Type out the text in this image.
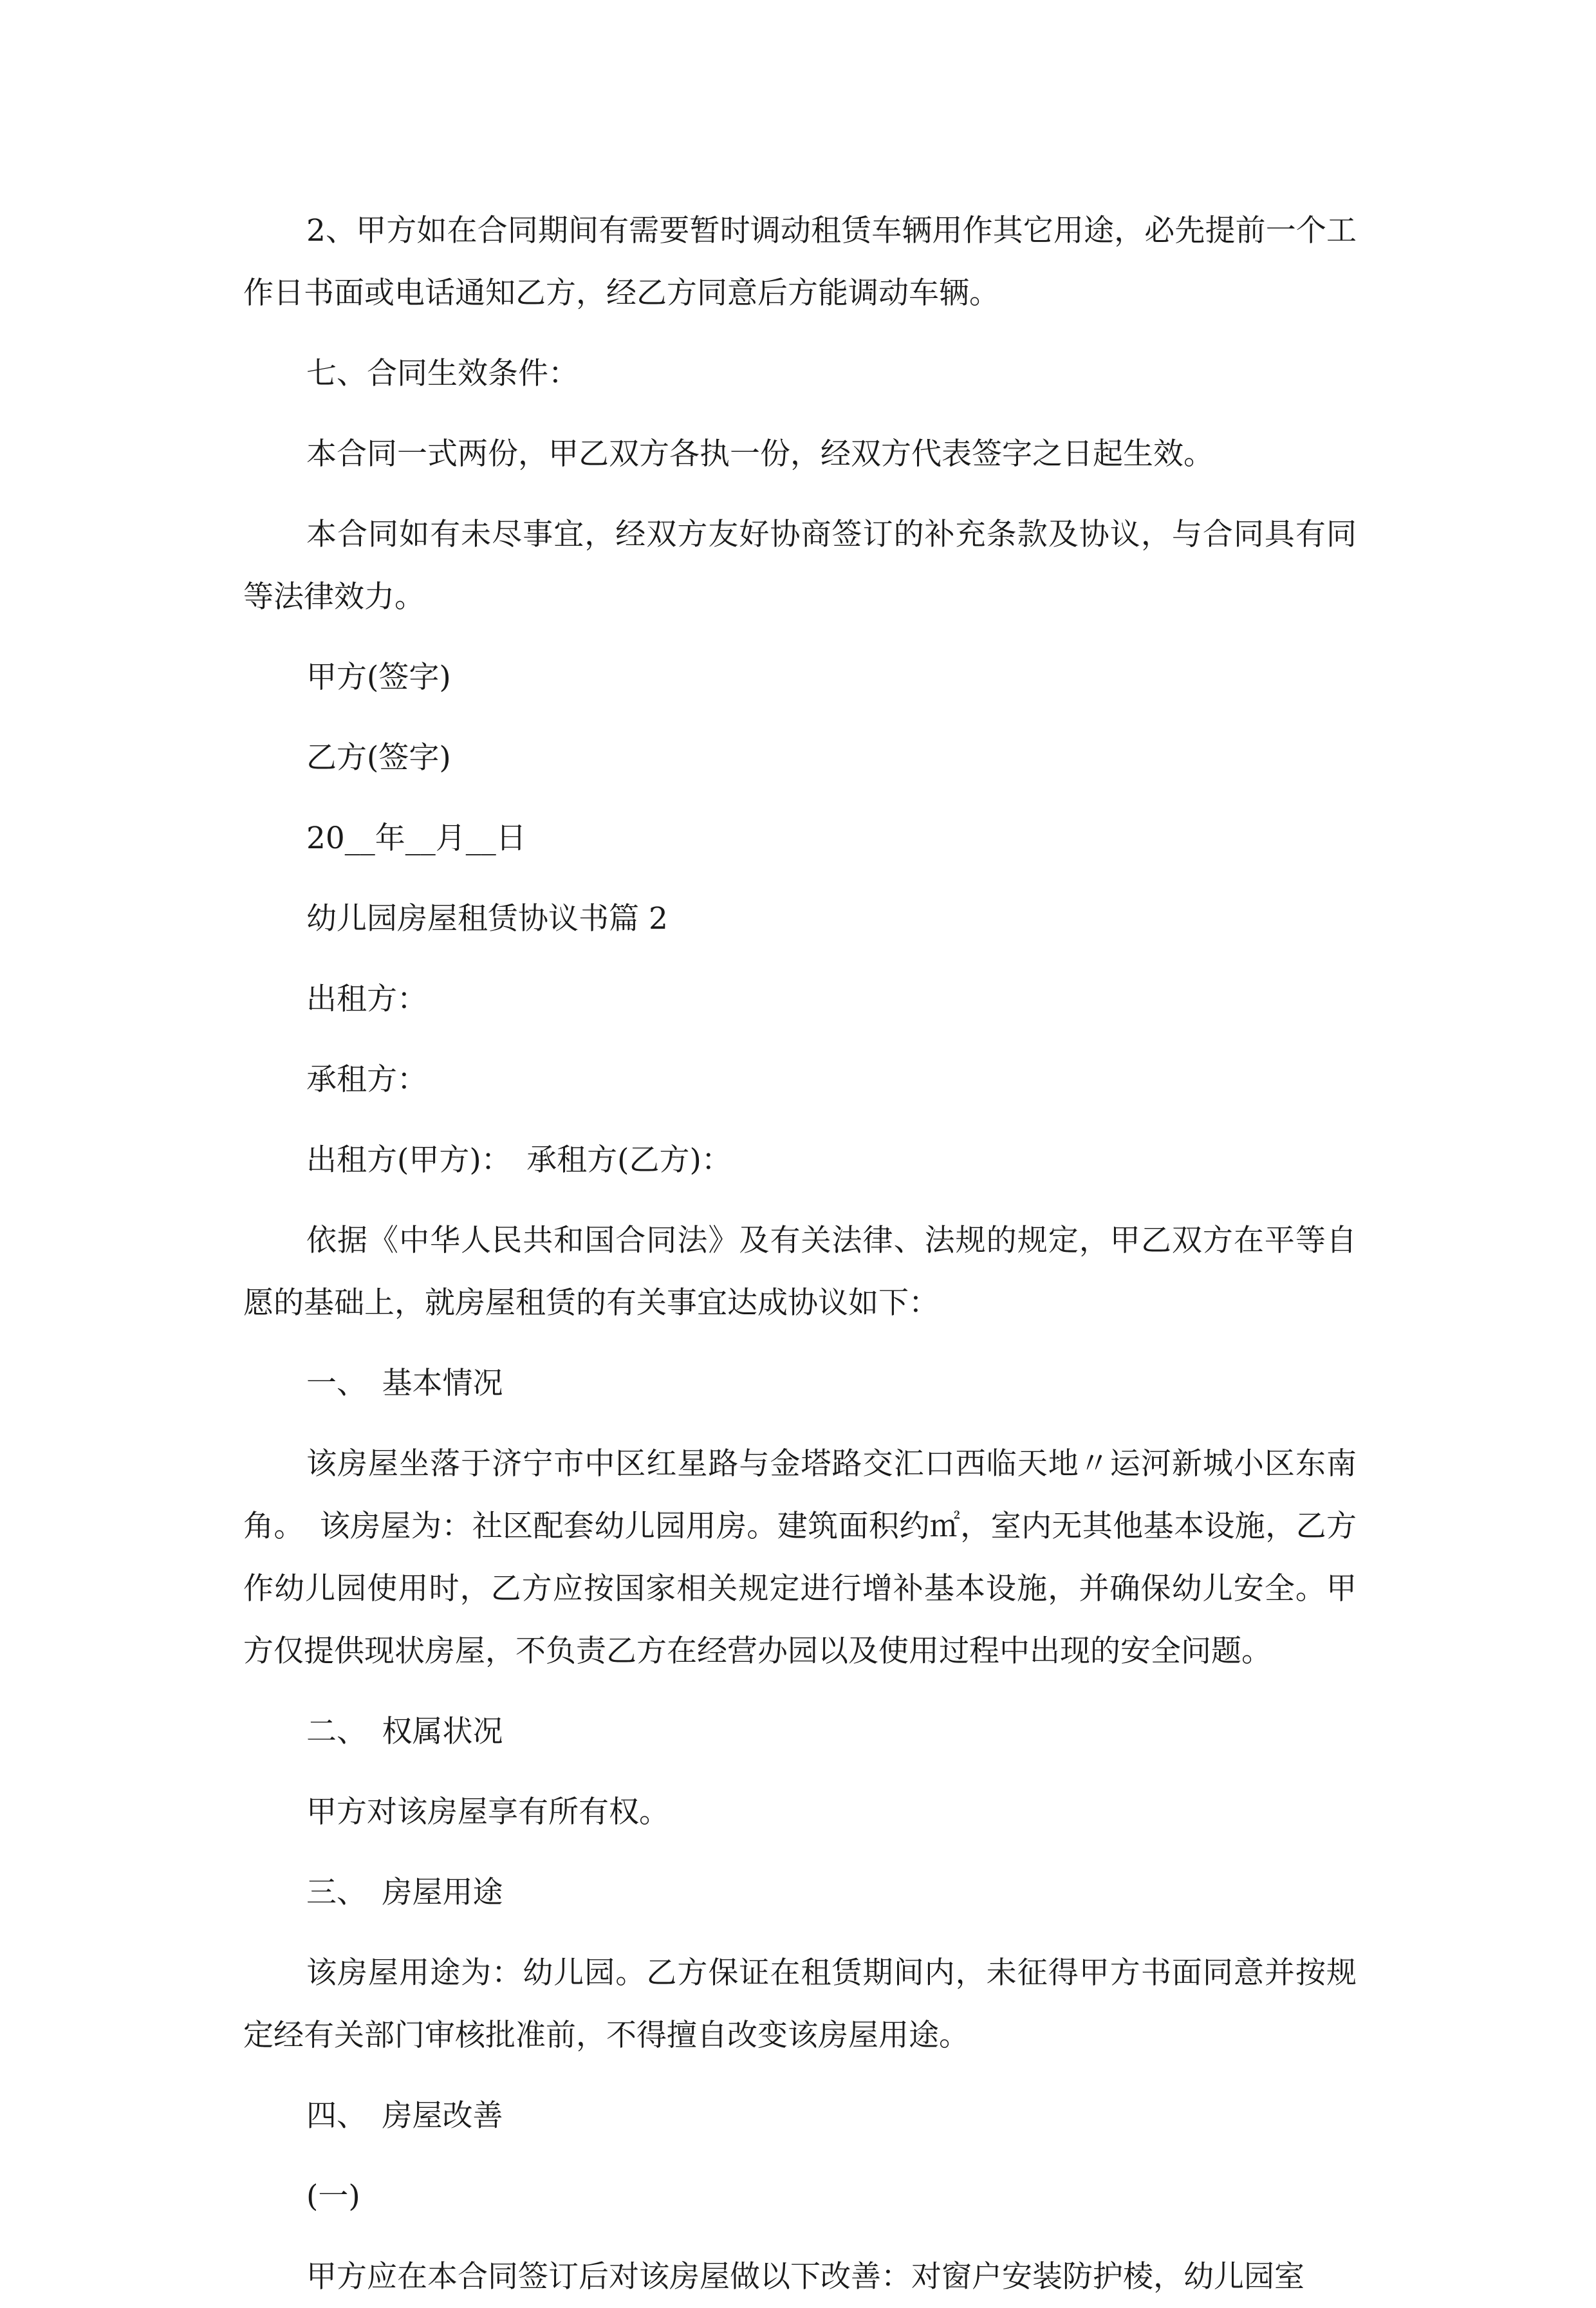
2、甲方如在合同期间有需要暂时调动租赁车辆用作其它用途，必先提前一个工作日书面或电话通知乙方，经乙方同意后方能调动车辆。

七、合同生效条件：

本合同一式两份，甲乙双方各执一份，经双方代表签字之日起生效。

本合同如有未尽事宜，经双方友好协商签订的补充条款及协议，与合同具有同等法律效力。

甲方(签字)

乙方(签字)

20__年__月__日

幼儿园房屋租赁协议书篇 2

出租方：

承租方：

出租方(甲方)：　承租方(乙方)：

依据《中华人民共和国合同法》及有关法律、法规的规定，甲乙双方在平等自愿的基础上，就房屋租赁的有关事宜达成协议如下：

一、　基本情况

该房屋坐落于济宁市中区红星路与金塔路交汇口西临天地〃运河新城小区东南角。　该房屋为：社区配套幼儿园用房。建筑面积约㎡，室内无其他基本设施，乙方作幼儿园使用时，乙方应按国家相关规定进行增补基本设施，并确保幼儿安全。甲方仅提供现状房屋，不负责乙方在经营办园以及使用过程中出现的安全问题。

二、　权属状况

甲方对该房屋享有所有权。

三、　房屋用途

该房屋用途为：幼儿园。乙方保证在租赁期间内，未征得甲方书面同意并按规定经有关部门审核批准前，不得擅自改变该房屋用途。

四、　房屋改善

(一)

甲方应在本合同签订后对该房屋做以下改善：对窗户安装防护棱，幼儿园室
